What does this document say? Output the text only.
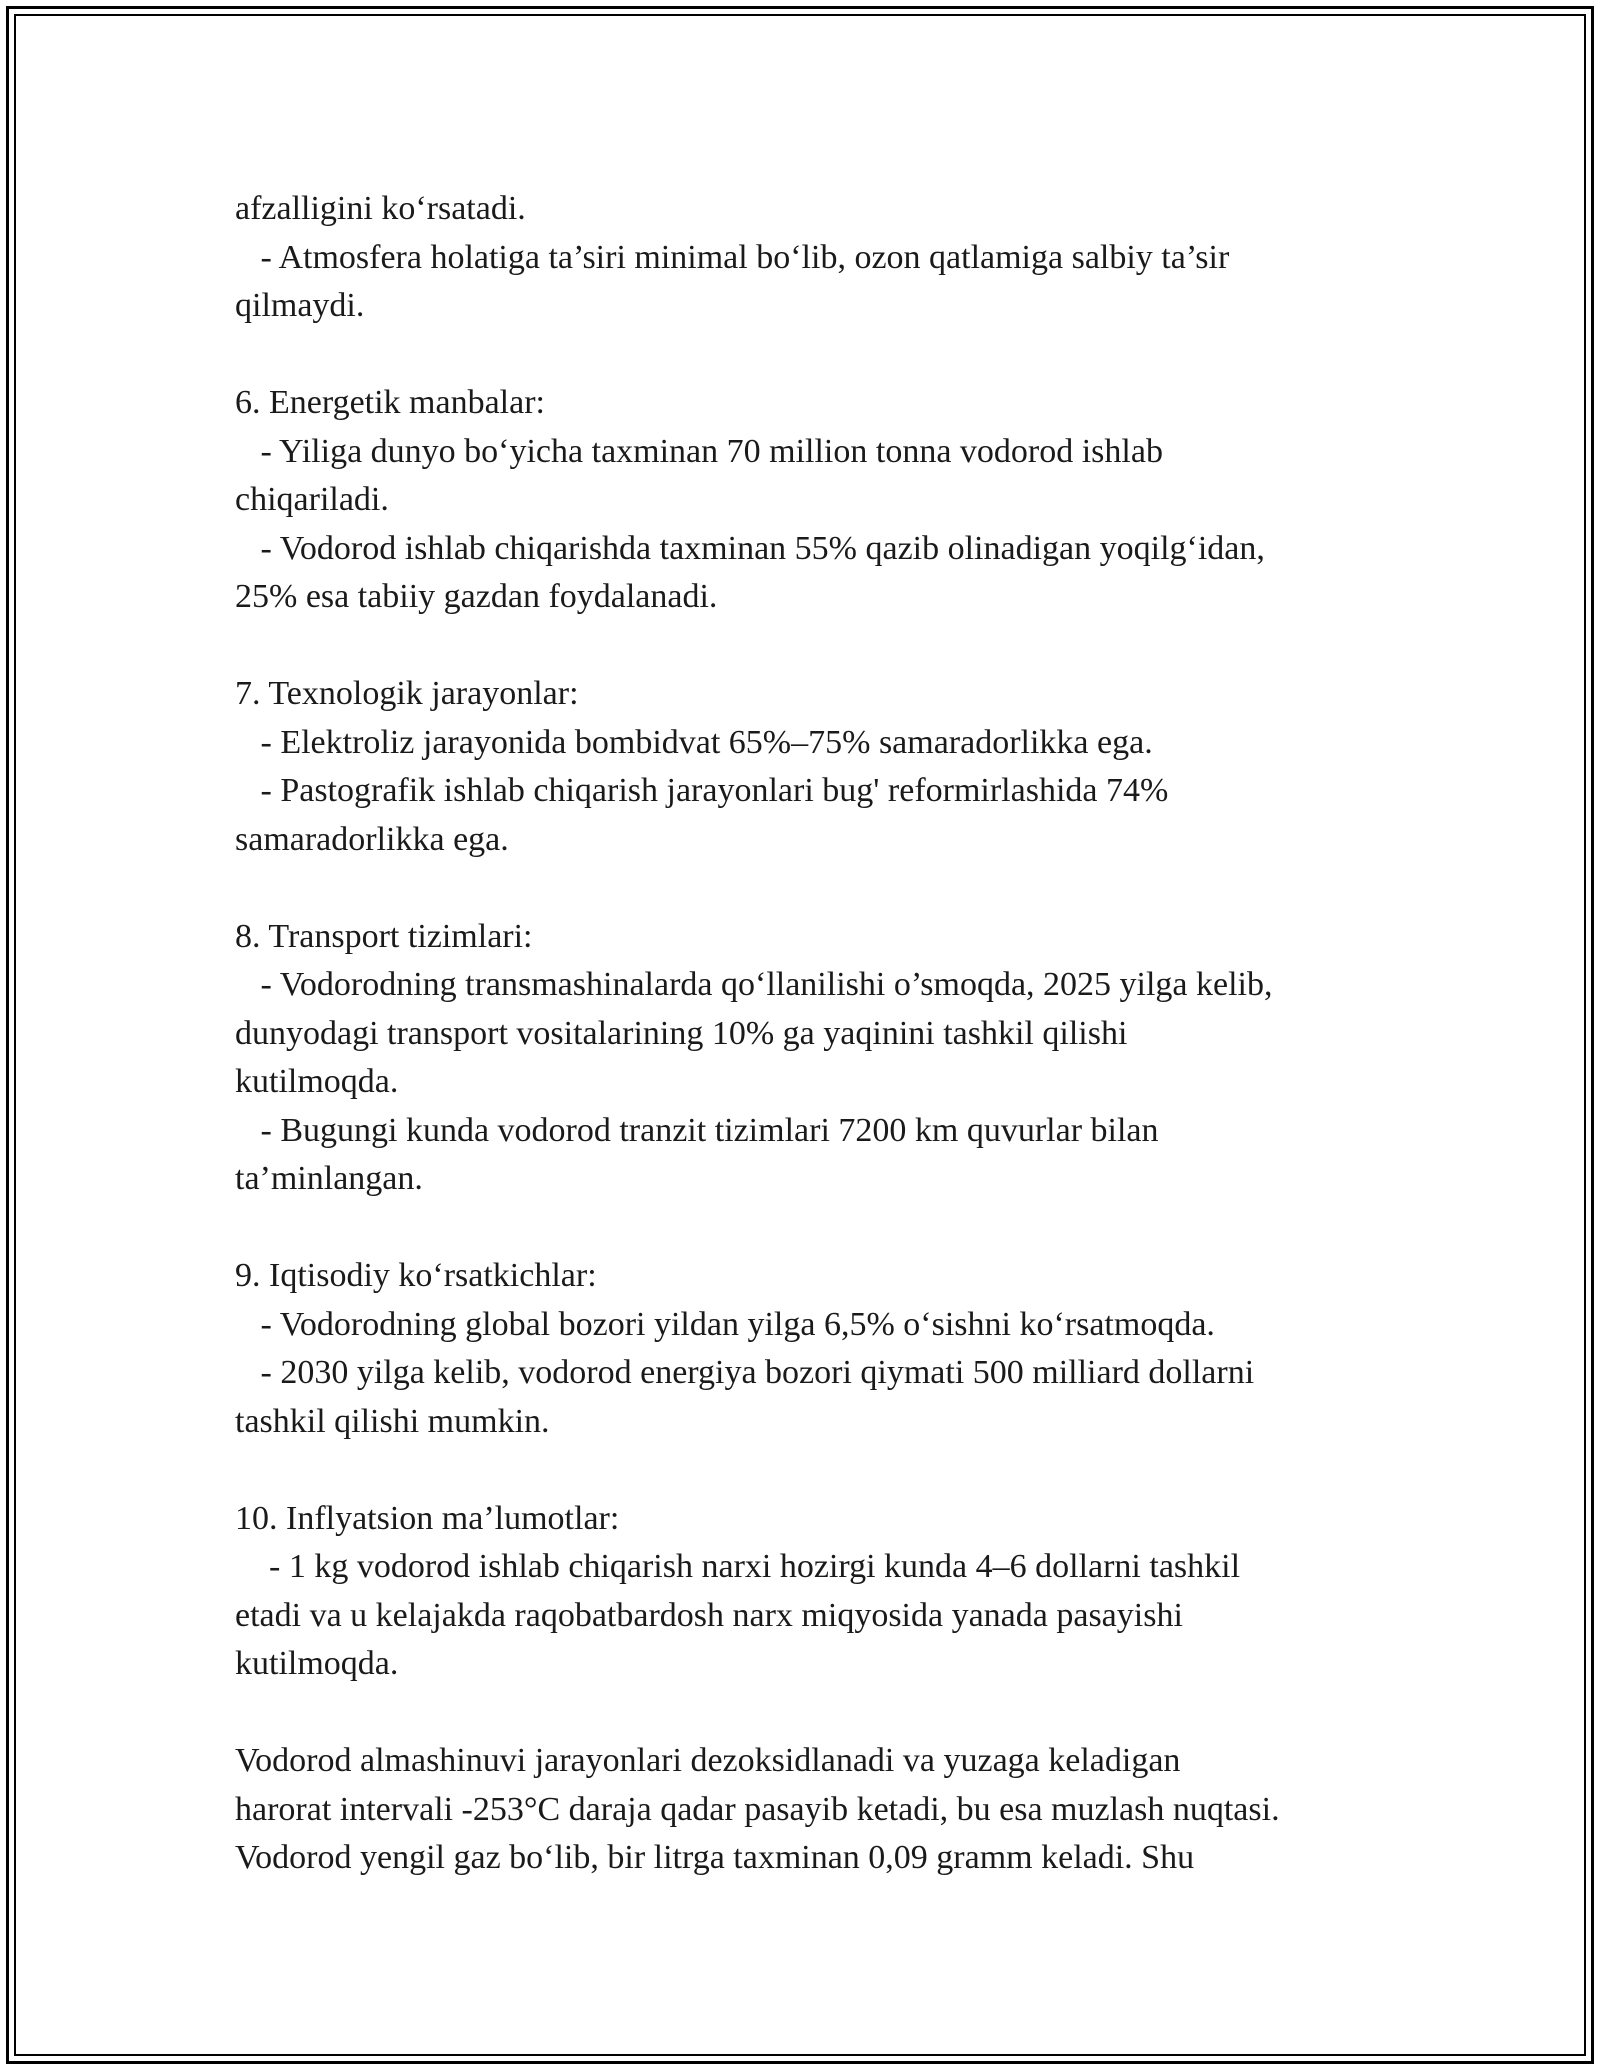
afzalligini ko‘rsatadi.
- Atmosfera holatiga ta’siri minimal bo‘lib, ozon qatlamiga salbiy ta’sir
qilmaydi.
6. Energetik manbalar:
- Yiliga dunyo bo‘yicha taxminan 70 million tonna vodorod ishlab
chiqariladi.
- Vodorod ishlab chiqarishda taxminan 55% qazib olinadigan yoqilg‘idan,
25% esa tabiiy gazdan foydalanadi.
7. Texnologik jarayonlar:
- Elektroliz jarayonida bombidvat 65%–75% samaradorlikka ega.
- Pastografik ishlab chiqarish jarayonlari bug' reformirlashida 74%
samaradorlikka ega.
8. Transport tizimlari:
- Vodorodning transmashinalarda qo‘llanilishi o’smoqda, 2025 yilga kelib,
dunyodagi transport vositalarining 10% ga yaqinini tashkil qilishi
kutilmoqda.
- Bugungi kunda vodorod tranzit tizimlari 7200 km quvurlar bilan
ta’minlangan.
9. Iqtisodiy ko‘rsatkichlar:
- Vodorodning global bozori yildan yilga 6,5% o‘sishni ko‘rsatmoqda.
- 2030 yilga kelib, vodorod energiya bozori qiymati 500 milliard dollarni
tashkil qilishi mumkin.
10. Inflyatsion ma’lumotlar:
- 1 kg vodorod ishlab chiqarish narxi hozirgi kunda 4–6 dollarni tashkil
etadi va u kelajakda raqobatbardosh narx miqyosida yanada pasayishi
kutilmoqda.
Vodorod almashinuvi jarayonlari dezoksidlanadi va yuzaga keladigan
harorat intervali -253°C daraja qadar pasayib ketadi, bu esa muzlash nuqtasi.
Vodorod yengil gaz bo‘lib, bir litrga taxminan 0,09 gramm keladi. Shu
